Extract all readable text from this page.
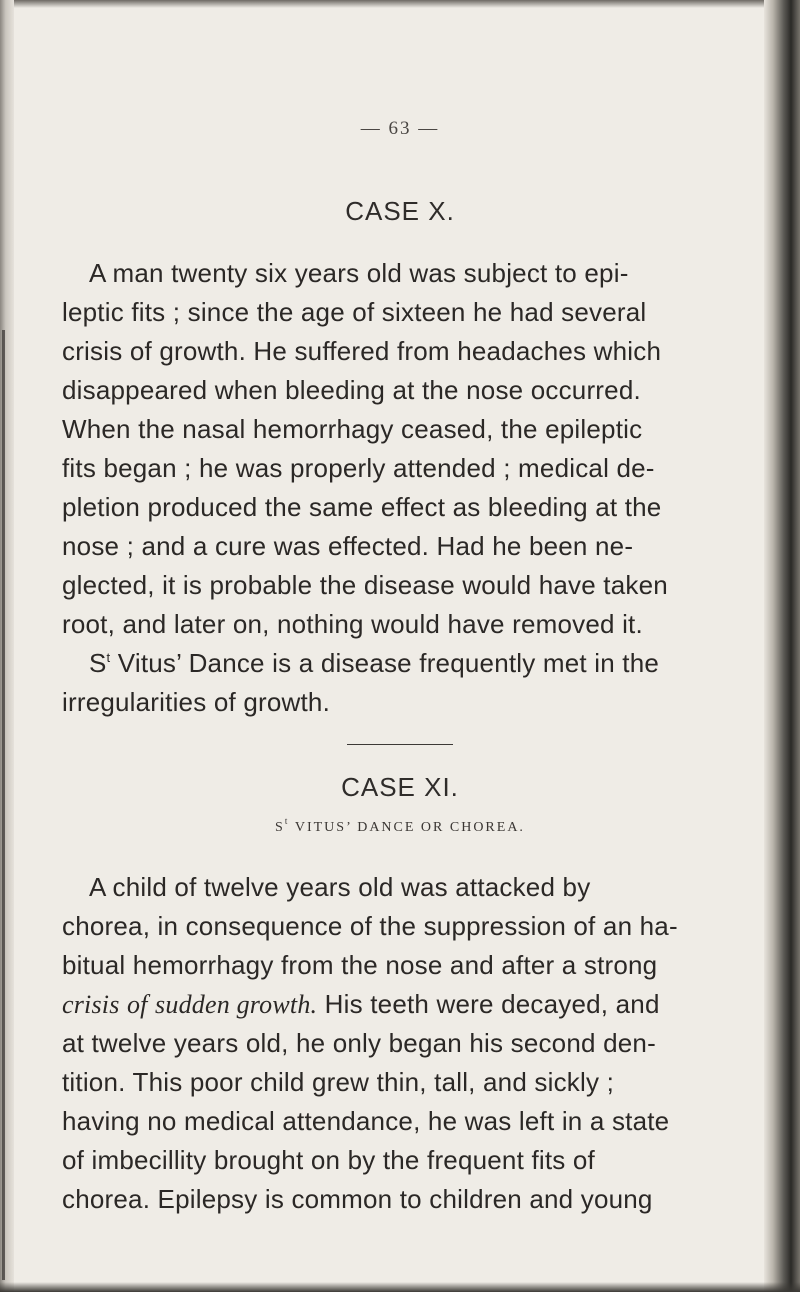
— 63 —
CASE X.
A man twenty six years old was subject to epi-
leptic fits ; since the age of sixteen he had several
crisis of growth. He suffered from headaches which
disappeared when bleeding at the nose occurred.
When the nasal hemorrhagy ceased, the epileptic
fits began ; he was properly attended ; medical de-
pletion produced the same effect as bleeding at the
nose ; and a cure was effected. Had he been ne-
glected, it is probable the disease would have taken
root, and later on, nothing would have removed it.
$S^t$ Vitus’ Dance is a disease frequently met in the
irregularities of growth.
CASE XI.
$S^t$ VITUS’ DANCE OR CHOREA.
A child of twelve years old was attacked by
chorea, in consequence of the suppression of an ha-
bitual hemorrhagy from the nose and after a strong
crisis of sudden growth. His teeth were decayed, and
at twelve years old, he only began his second den-
tition. This poor child grew thin, tall, and sickly ;
having no medical attendance, he was left in a state
of imbecillity brought on by the frequent fits of
chorea. Epilepsy is common to children and young
